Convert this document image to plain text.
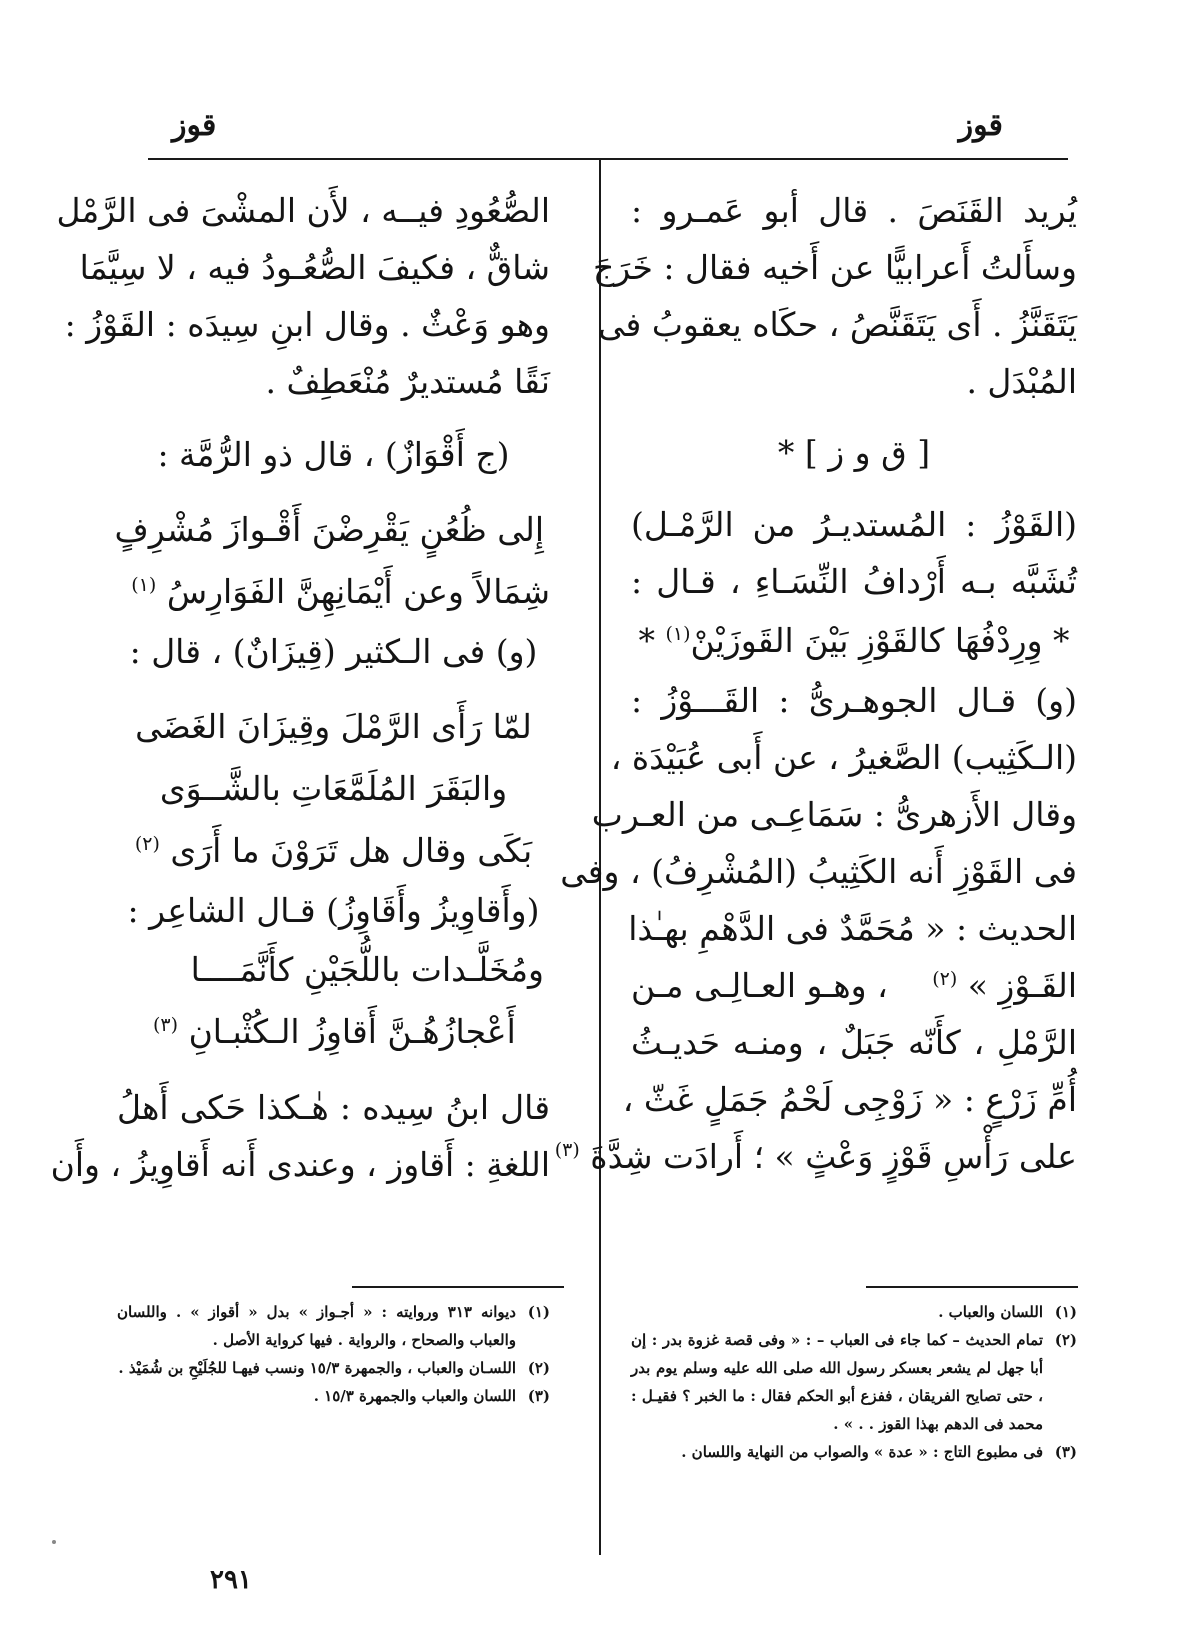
قوز
قوز
يُريد القَنَصَ . قال أبو عَمـرو :
وسأَلتُ أَعرابيًّا عن أَخيه فقال : خَرَجَ
يَتَقَنَّزُ . أَى يَتَقَنَّصُ ، حكَاه يعقوبُ فى
المُبْدَل .
[ ق و ز ] *
(القَوْزُ : المُستديـرُ من الرَّمْـل)
تُشَبَّه بـه أَرْدافُ النِّسَـاءِ ، قـال :
* وِرِدْفُهَا كالقَوْزِ بَيْنَ القَوزَيْنْ$^{(١)}$ *
(و) قـال الجوهـرىُّ : القَـــوْزُ :
(الـكَثِيب) الصَّغيرُ ، عن أَبى عُبَيْدَة ،
وقال الأَزهرىُّ : سَمَاعِـى من العـرب
فى القَوْزِ أَنه الكَثِيبُ (المُشْرِفُ) ، وفى
الحديث : « مُحَمَّدٌ فى الدَّهْمِ بهـٰذا
القَـوْزِ » $^{(٢)}$
، وهـو العـالِـى مـن
الرَّمْلِ ، كأَنّه جَبَلٌ ، ومنـه حَديـثُ
أُمِّ زَرْعٍ : « زَوْجِى لَحْمُ جَمَلٍ غَثّ ،
على رَأْسِ قَوْزٍ وَعْثٍ » ؛ أَرادَت شِدَّةَ $^{(٣)}$
الصُّعُودِ فيــه ، لأَن المشْىَ فى الرَّمْل
شاقٌّ ، فكيفَ الصُّعُـودُ فيه ، لا سِيَّمَا
وهو وَعْثٌ . وقال ابنِ سِيدَه : القَوْزُ :
نَقًا مُستديرٌ مُنْعَطِفٌ .
(ج أَقْوَازٌ) ، قال ذو الرُّمَّة :
إِلى ظُعُنٍ يَقْرِضْنَ أَقْـوازَ مُشْرِفٍ
شِمَالاً وعن أَيْمَانِهِنَّ الفَوَارِسُ $^{(١)}$
(و) فى الـكثير (قِيزَانٌ) ، قال :
لمّا رَأَى الرَّمْلَ وقِيزَانَ الغَضَى
والبَقَرَ المُلَمَّعَاتِ بالشَّــوَى
بَكَى وقال هل تَرَوْنَ ما أَرَى $^{(٢)}$
(وأَقاوِيزُ وأَقَاوِزُ) قـال الشاعِر :
ومُخَلَّـدات باللُّجَيْنِ كأَنَّمَــــا
أَعْجازُهُـنَّ أَقاوِزُ الـكُثْبـانِ $^{(٣)}$
قال ابنُ سِيده : هٰـكذا حَكى أَهلُ
اللغةِ : أَقاوز ، وعندى أَنه أَقاوِيزُ ، وأَن
(١)
اللسان والعباب .
(٢)
تمام الحديث – كما جاء فى العباب – : « وفى قصة غزوة بدر : إن أبا جهل لم يشعر بعسكر رسول الله صلى الله عليه وسلم يوم بدر ، حتى تصايح الفريقان ، ففزع أبو الحكم فقال : ما الخبر ؟ فقيـل : محمد فى الدهم بهذا القوز . . » .
(٣)
فى مطبوع التاج : « عدة » والصواب من النهاية واللسان .
(١)
ديوانه ٣١٣ وروايته : « أجـواز » بدل « أقواز » . واللسان والعباب والصحاح ، والرواية . فيها كرواية الأصل .
(٢)
اللسـان والعباب ، والجمهرة ١٥/٣ ونسب فيهـا للجُلَيْحِ بن شُمَيْذ .
(٣)
اللسان والعباب والجمهرة ١٥/٣ .
٢٩١
